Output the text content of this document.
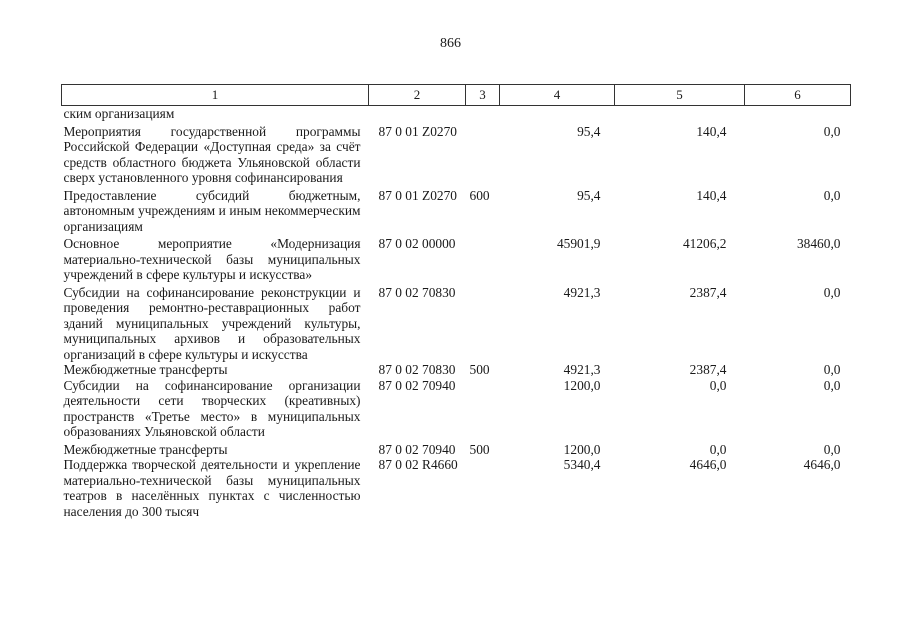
866
1	2	3	4	5	6
ским организациям					
Мероприятия государственной программы Российской Федерации «Доступная среда» за счёт средств областного бюджета Ульяновской области сверх установленного уровня софинансирования	87 0 01 Z0270		95,4	140,4	0,0
Предоставление субсидий бюджетным, автономным учреждениям и иным некоммерческим организациям	87 0 01 Z0270	600	95,4	140,4	0,0
Основное мероприятие «Модернизация материально-технической базы муниципальных учреждений в сфере культуры и искусства»	87 0 02 00000		45901,9	41206,2	38460,0
Субсидии на софинансирование реконструкции и проведения ремонтно-реставрационных работ зданий муниципальных учреждений культуры, муниципальных архивов и образовательных организаций в сфере культуры и искусства	87 0 02 70830		4921,3	2387,4	0,0
Межбюджетные трансферты	87 0 02 70830	500	4921,3	2387,4	0,0
Субсидии на софинансирование организации деятельности сети творческих (креативных) пространств «Третье место» в муниципальных образованиях Ульяновской области	87 0 02 70940		1200,0	0,0	0,0
Межбюджетные трансферты	87 0 02 70940	500	1200,0	0,0	0,0
Поддержка творческой деятельности и укрепление материально-технической базы муниципальных театров в населённых пунктах с численностью населения до 300 тысяч	87 0 02 R4660		5340,4	4646,0	4646,0
